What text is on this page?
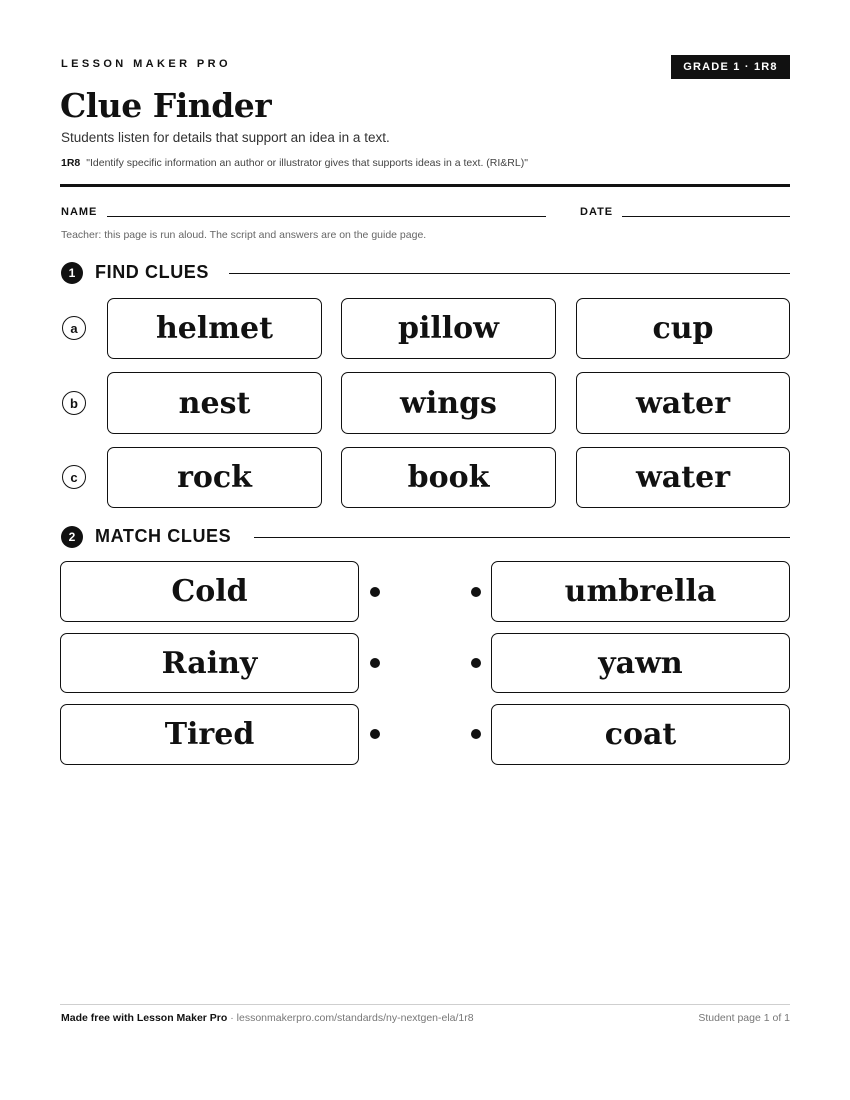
LESSON MAKER PRO	GRADE 1 · 1R8
Clue Finder
Students listen for details that support an idea in a text.
1R8 "Identify specific information an author or illustrator gives that supports ideas in a text. (RI&RL)"
NAME	DATE
Teacher: this page is run aloud. The script and answers are on the guide page.
1	FIND CLUES
a	helmet	pillow	cup
b	nest	wings	water
c	rock	book	water
2	MATCH CLUES
Cold	umbrella
Rainy	yawn
Tired	coat
Made free with Lesson Maker Pro · lessonmakerpro.com/standards/ny-nextgen-ela/1r8	Student page 1 of 1
